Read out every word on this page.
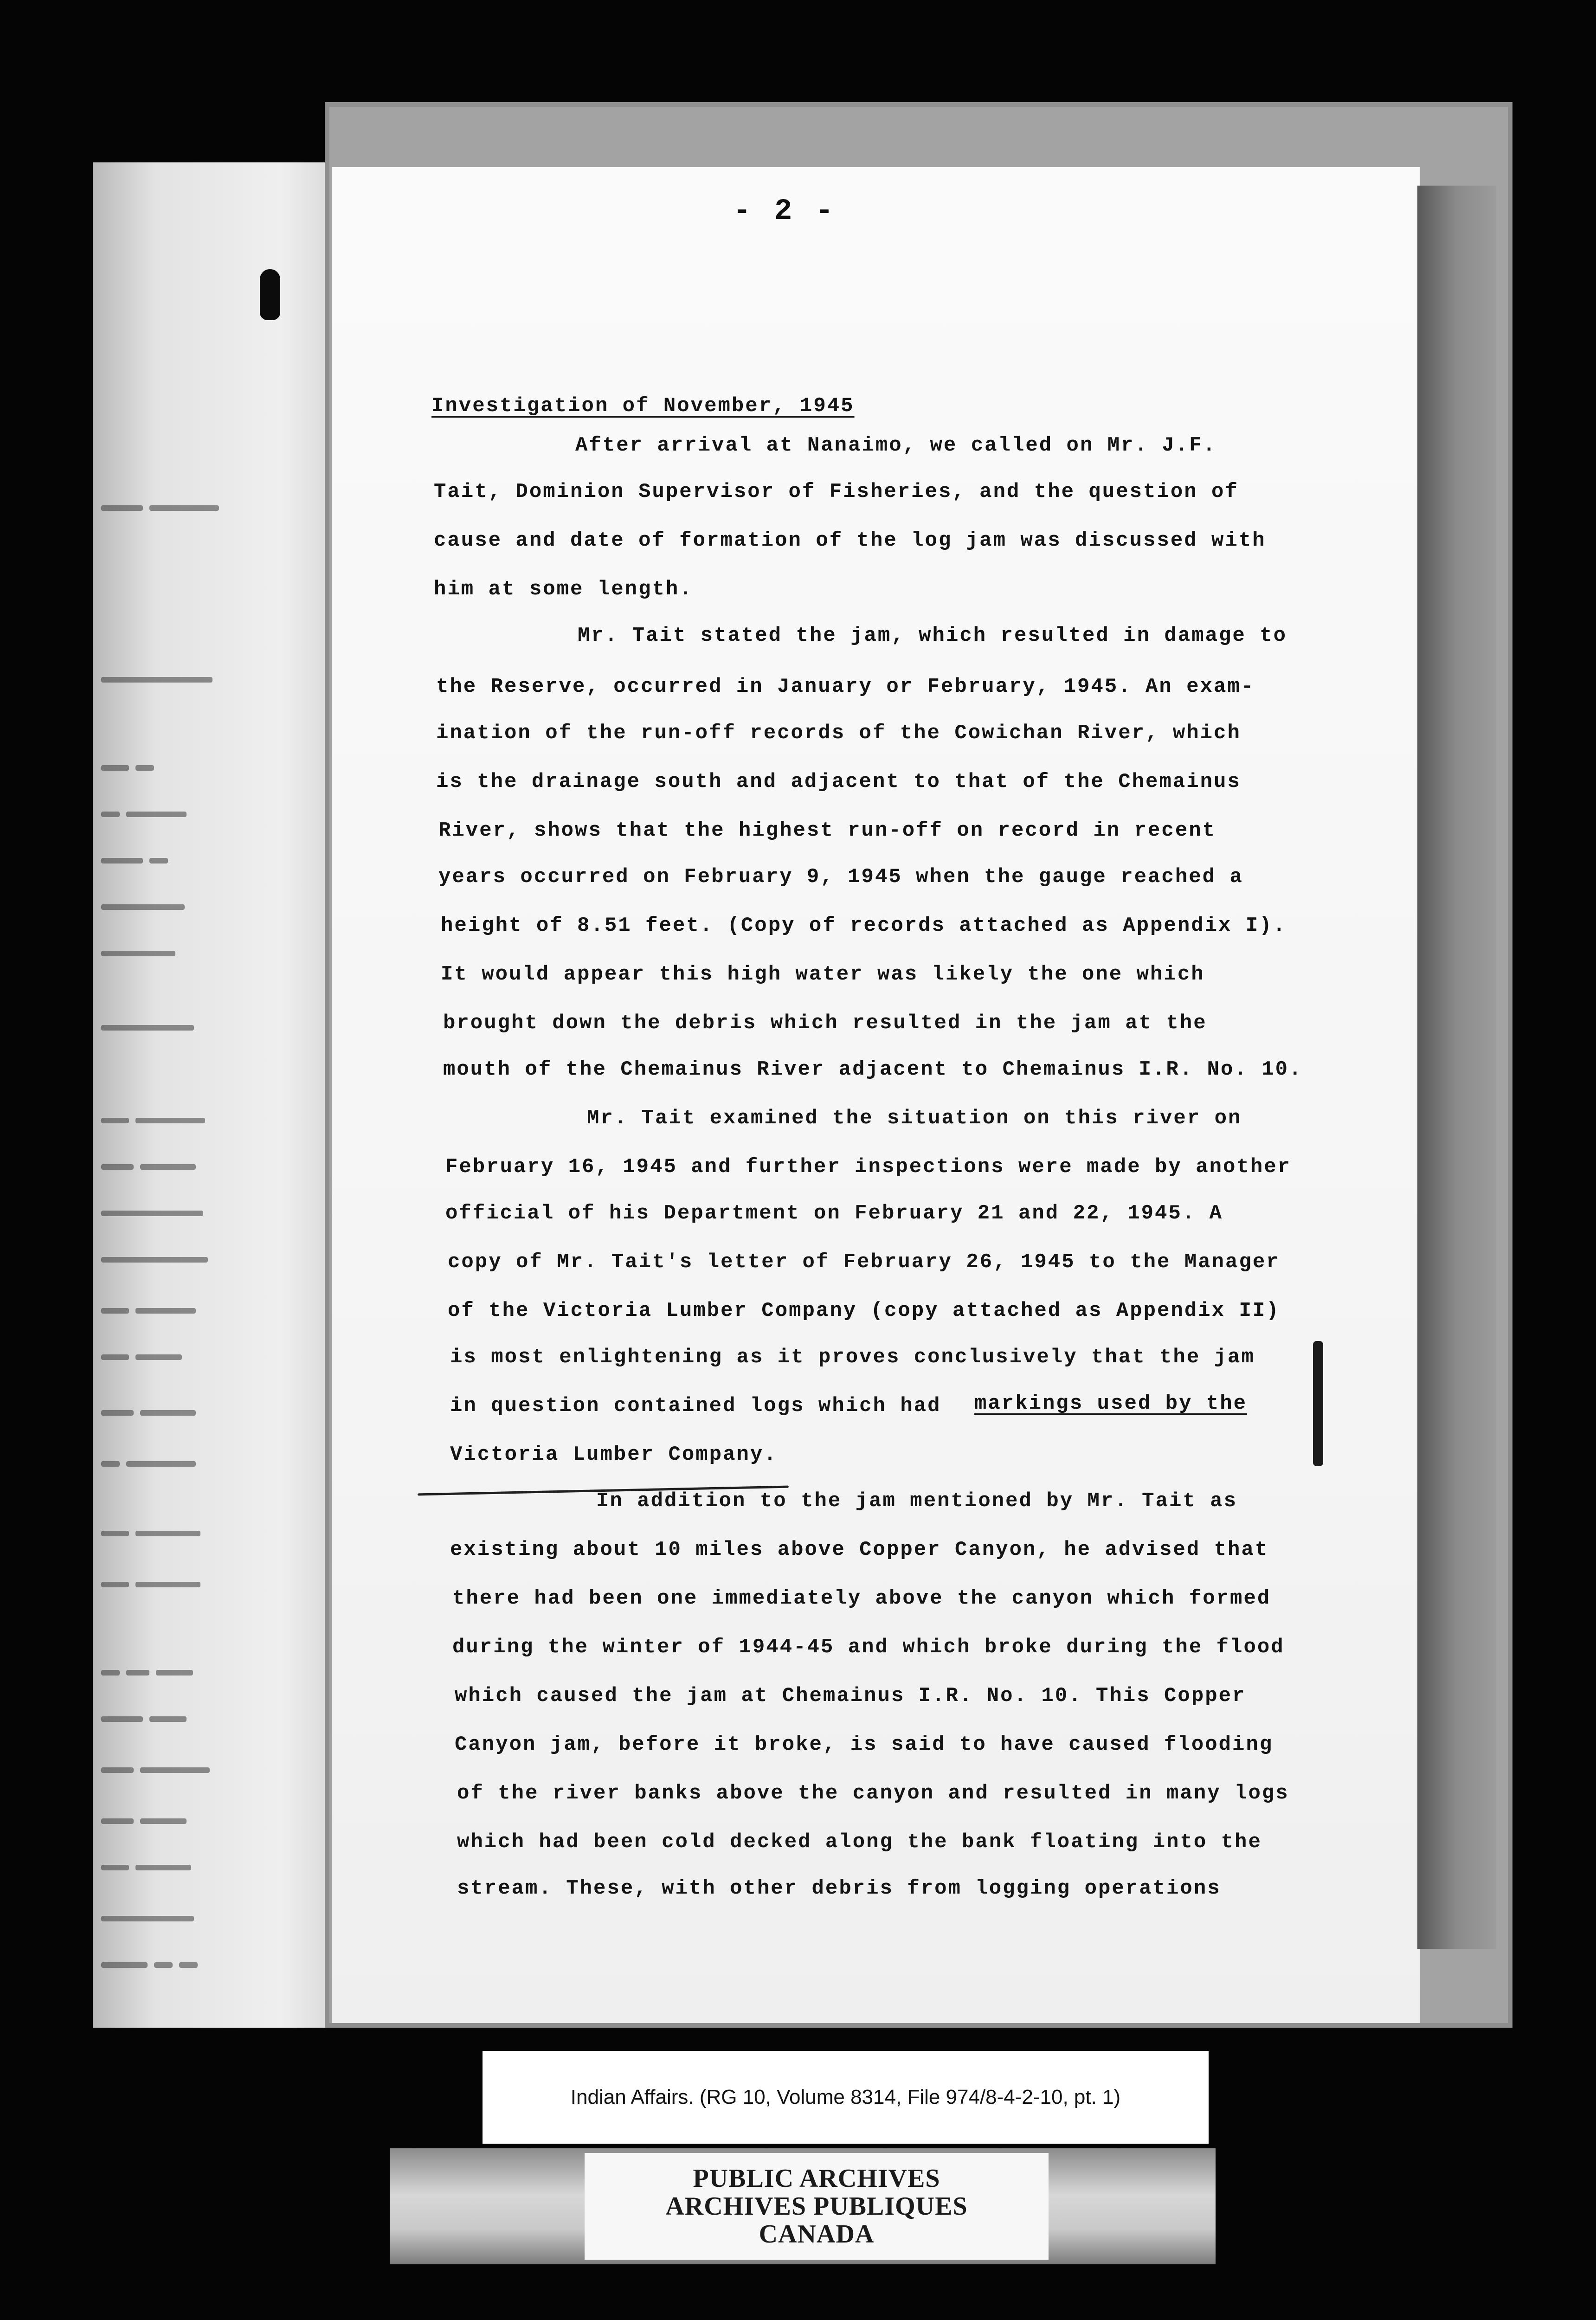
- 2 -
Investigation of November, 1945
After arrival at Nanaimo, we called on Mr. J.F.
Tait, Dominion Supervisor of Fisheries, and the question of
cause and date of formation of the log jam was discussed with
him at some length.
Mr. Tait stated the jam, which resulted in damage to
the Reserve, occurred in January or February, 1945. An exam-
ination of the run-off records of the Cowichan River, which
is the drainage south and adjacent to that of the Chemainus
River, shows that the highest run-off on record in recent
years occurred on February 9, 1945 when the gauge reached a
height of 8.51 feet. (Copy of records attached as Appendix I).
It would appear this high water was likely the one which
brought down the debris which resulted in the jam at the
mouth of the Chemainus River adjacent to Chemainus I.R. No. 10.
Mr. Tait examined the situation on this river on
February 16, 1945 and further inspections were made by another
official of his Department on February 21 and 22, 1945. A
copy of Mr. Tait's letter of February 26, 1945 to the Manager
of the Victoria Lumber Company (copy attached as Appendix II)
is most enlightening as it proves conclusively that the jam
in question contained logs which had markings used by the
Victoria Lumber Company.
In addition to the jam mentioned by Mr. Tait as
existing about 10 miles above Copper Canyon, he advised that
there had been one immediately above the canyon which formed
during the winter of 1944-45 and which broke during the flood
which caused the jam at Chemainus I.R. No. 10. This Copper
Canyon jam, before it broke, is said to have caused flooding
of the river banks above the canyon and resulted in many logs
which had been cold decked along the bank floating into the
stream. These, with other debris from logging operations
Indian Affairs. (RG 10, Volume 8314, File 974/8-4-2-10, pt. 1)
PUBLIC ARCHIVES
ARCHIVES PUBLIQUES
CANADA
